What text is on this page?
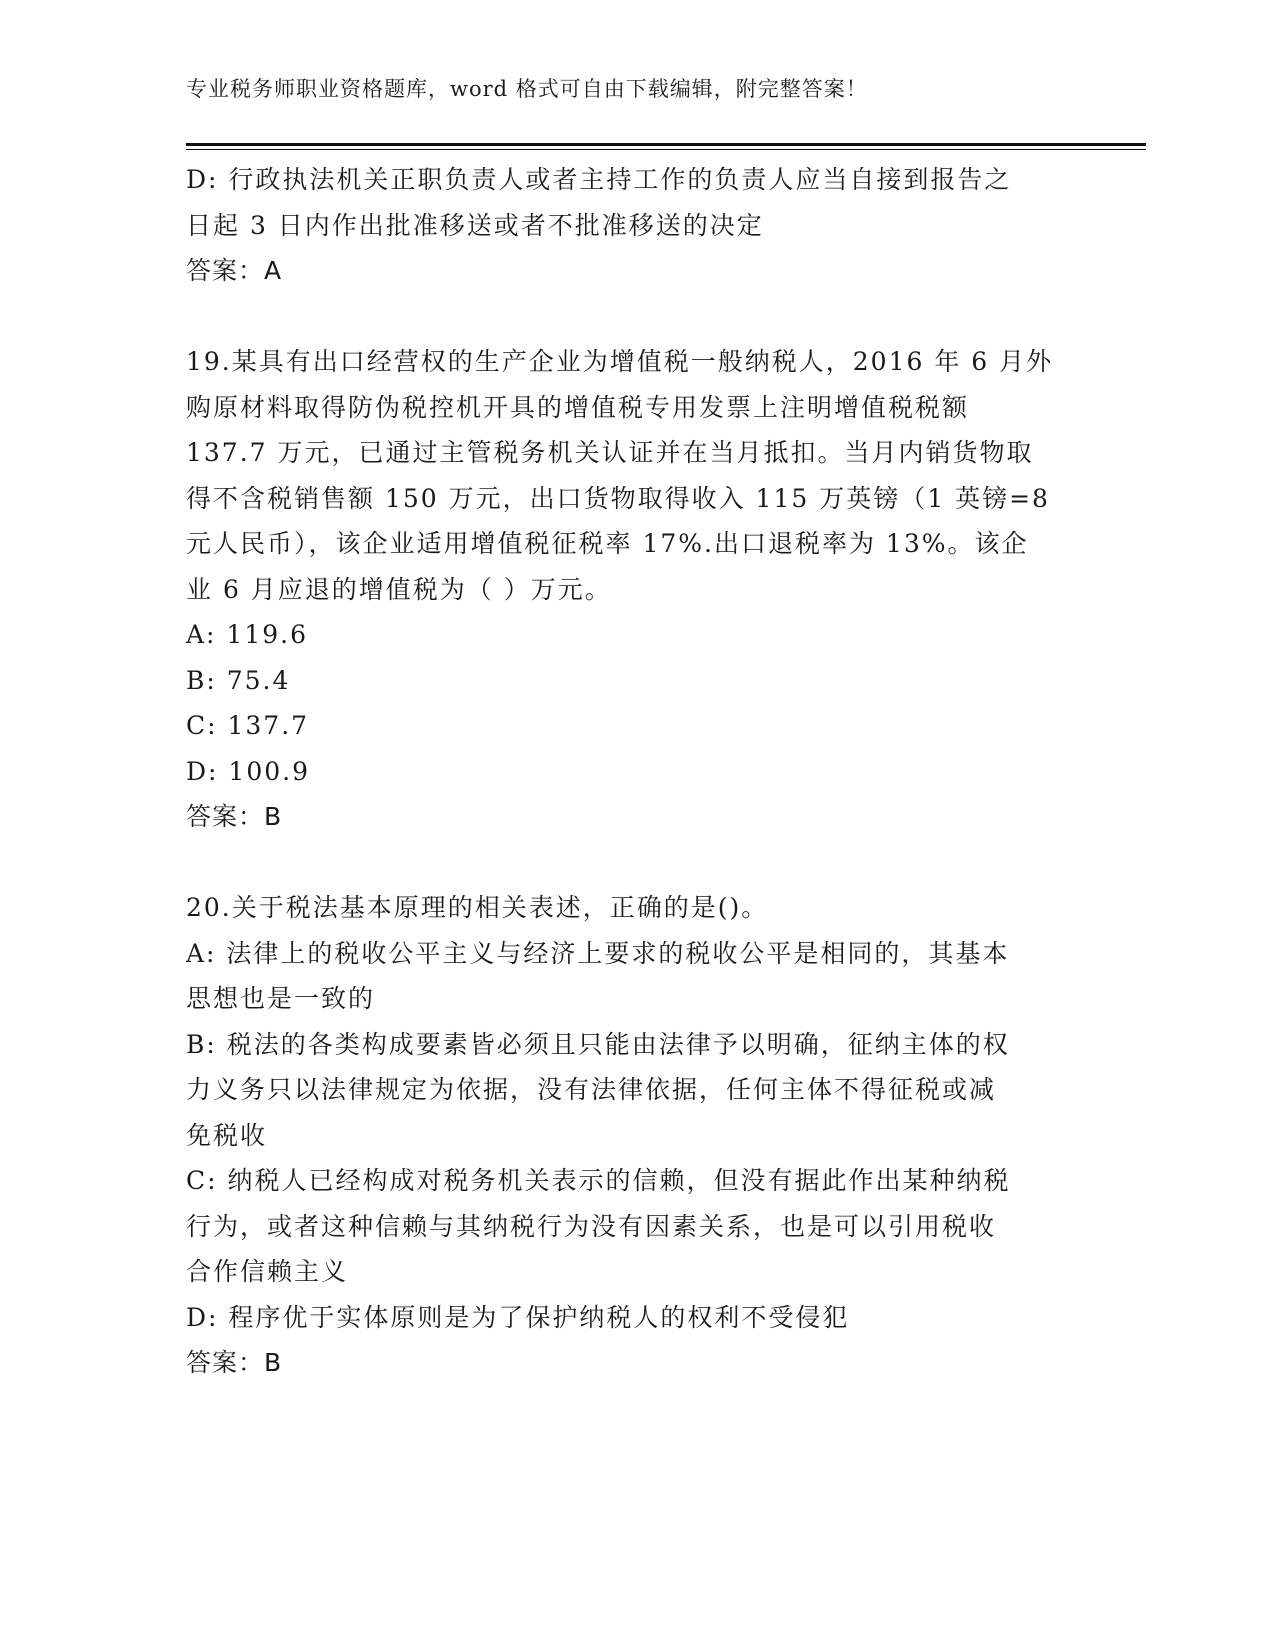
专业税务师职业资格题库，word 格式可自由下载编辑，附完整答案！
D: 行政执法机关正职负责人或者主持工作的负责人应当自接到报告之
日起 3 日内作出批准移送或者不批准移送的决定
答案：A
19.某具有出口经营权的生产企业为增值税一般纳税人，2016 年 6 月外
购原材料取得防伪税控机开具的增值税专用发票上注明增值税税额
137.7 万元，已通过主管税务机关认证并在当月抵扣。当月内销货物取
得不含税销售额 150 万元，出口货物取得收入 115 万英镑（1 英镑=8
元人民币），该企业适用增值税征税率 17%.出口退税率为 13%。该企
业 6 月应退的增值税为（ ）万元。
A: 119.6
B: 75.4
C: 137.7
D: 100.9
答案：B
20.关于税法基本原理的相关表述，正确的是()。
A: 法律上的税收公平主义与经济上要求的税收公平是相同的，其基本
思想也是一致的
B: 税法的各类构成要素皆必须且只能由法律予以明确，征纳主体的权
力义务只以法律规定为依据，没有法律依据，任何主体不得征税或减
免税收
C: 纳税人已经构成对税务机关表示的信赖，但没有据此作出某种纳税
行为，或者这种信赖与其纳税行为没有因素关系，也是可以引用税收
合作信赖主义
D: 程序优于实体原则是为了保护纳税人的权利不受侵犯
答案：B
